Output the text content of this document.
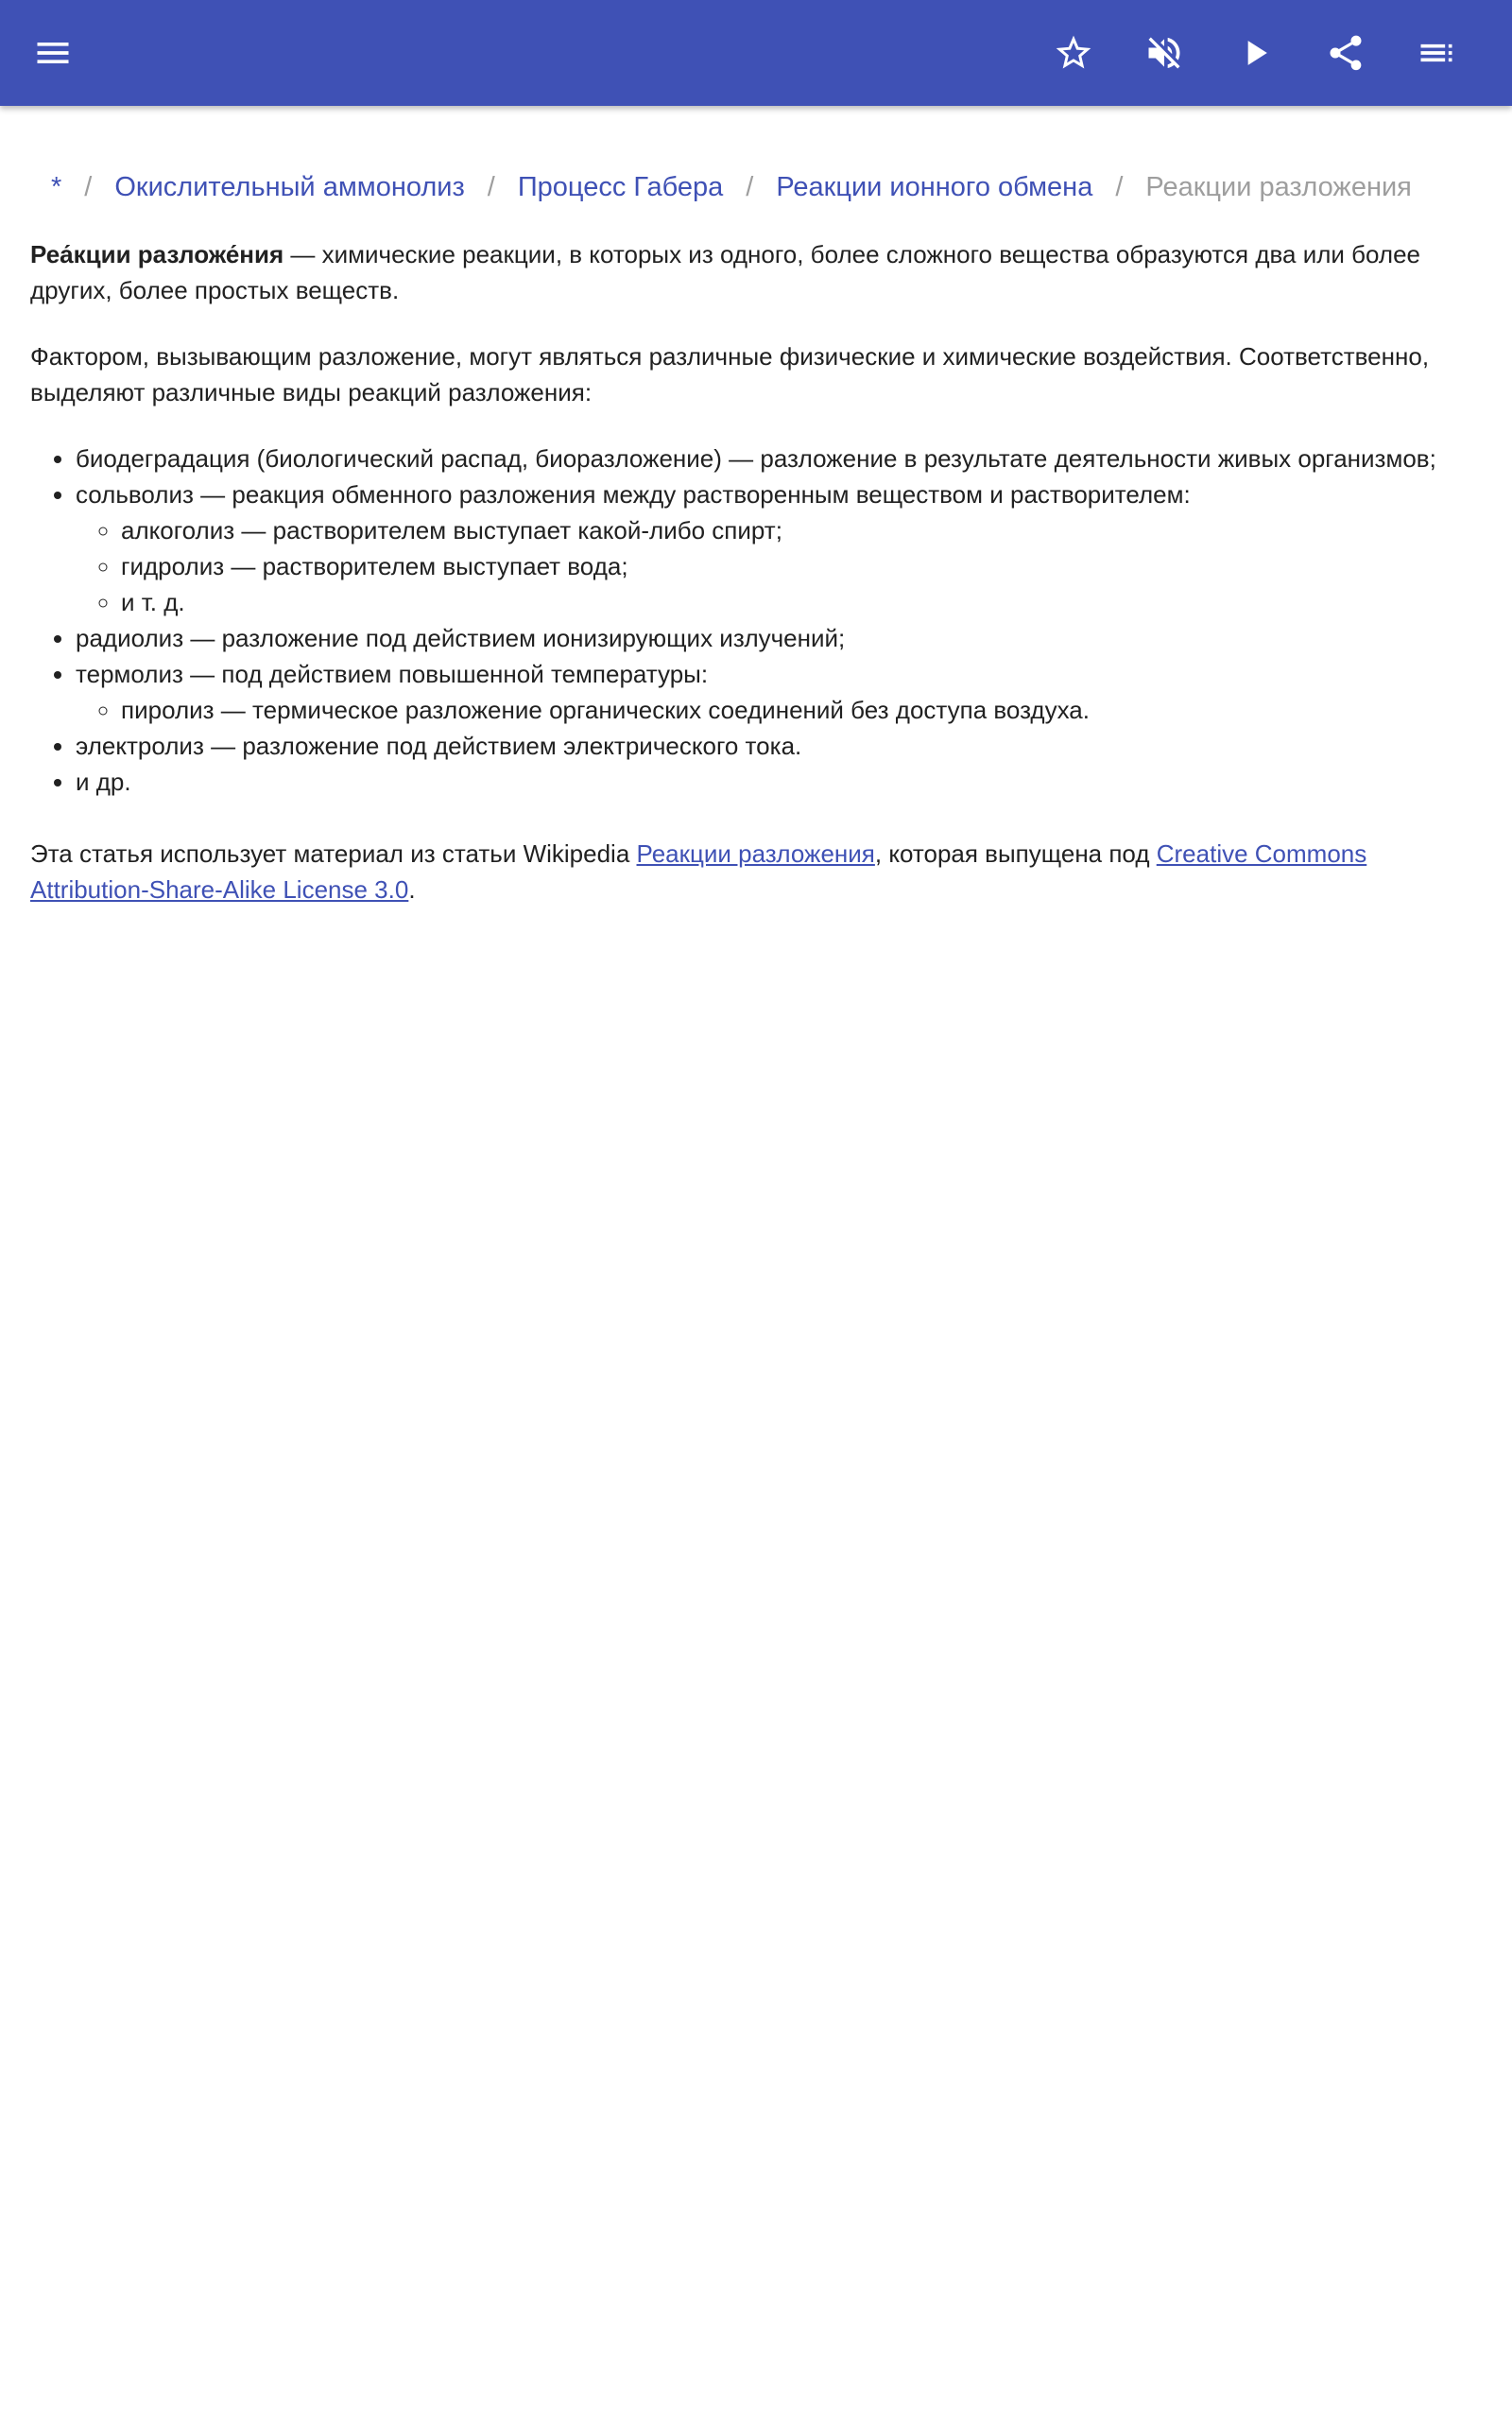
* / Окислительный аммонолиз / Процесс Габера / Реакции ионного обмена / Реакции разложения

Реа́кции разложе́ния — химические реакции, в которых из одного, более сложного вещества образуются два или более других, более простых веществ.

Фактором, вызывающим разложение, могут являться различные физические и химические воздействия. Соответственно, выделяют различные виды реакций разложения:

• биодеградация (биологический распад, биоразложение) — разложение в результате деятельности живых организмов;
• сольволиз — реакция обменного разложения между растворенным веществом и растворителем:
◦ алкоголиз — растворителем выступает какой-либо спирт;
◦ гидролиз — растворителем выступает вода;
◦ и т. д.
• радиолиз — разложение под действием ионизирующих излучений;
• термолиз — под действием повышенной температуры:
◦ пиролиз — термическое разложение органических соединений без доступа воздуха.
• электролиз — разложение под действием электрического тока.
• и др.

Эта статья использует материал из статьи Wikipedia Реакции разложения, которая выпущена под Creative Commons Attribution-Share-Alike License 3.0.
